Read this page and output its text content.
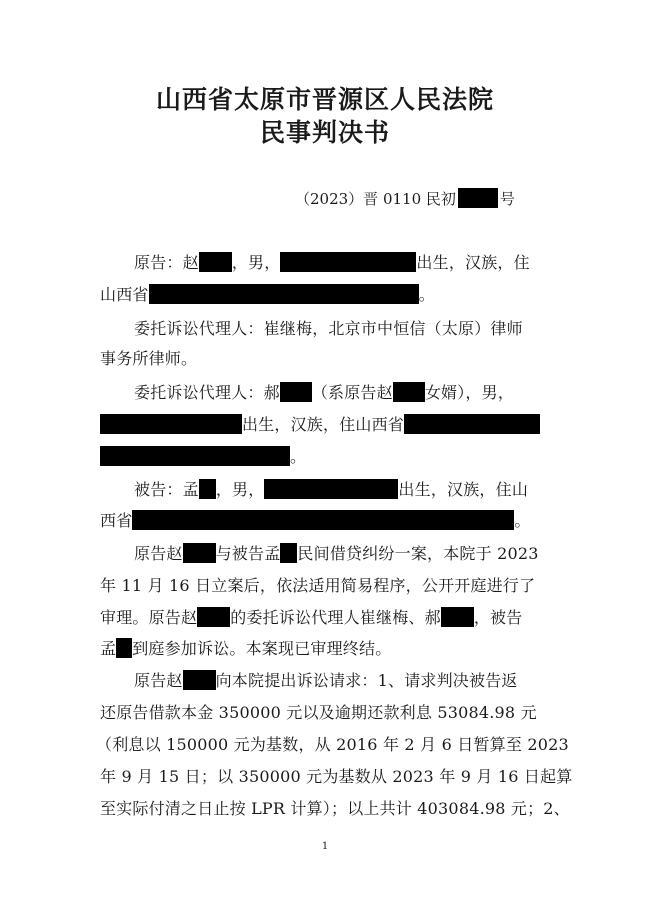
山西省太原市晋源区人民法院
民事判决书
（2023）晋 0110 民初	号
原告：赵 ，男，	出生，汉族，住
山西省	。
委托诉讼代理人：崔继梅，北京市中恒信（太原）律师
事务所律师。
委托诉讼代理人：郝 （系原告赵 女婿），男，
出生，汉族，住山西省
。
被告：孟 ，男，	出生，汉族，住山
西省	。
原告赵 与被告孟 民间借贷纠纷一案，本院于 2023
年 11 月 16 日立案后，依法适用简易程序，公开开庭进行了
审理。原告赵 的委托诉讼代理人崔继梅、郝 ，被告
孟 到庭参加诉讼。本案现已审理终结。
原告赵 向本院提出诉讼请求：1、请求判决被告返
还原告借款本金 350000 元以及逾期还款利息 53084.98 元
（利息以 150000 元为基数，从 2016 年 2 月 6 日暂算至 2023
年 9 月 15 日；以 350000 元为基数从 2023 年 9 月 16 日起算
至实际付清之日止按 LPR 计算）；以上共计 403084.98 元；2、
1
